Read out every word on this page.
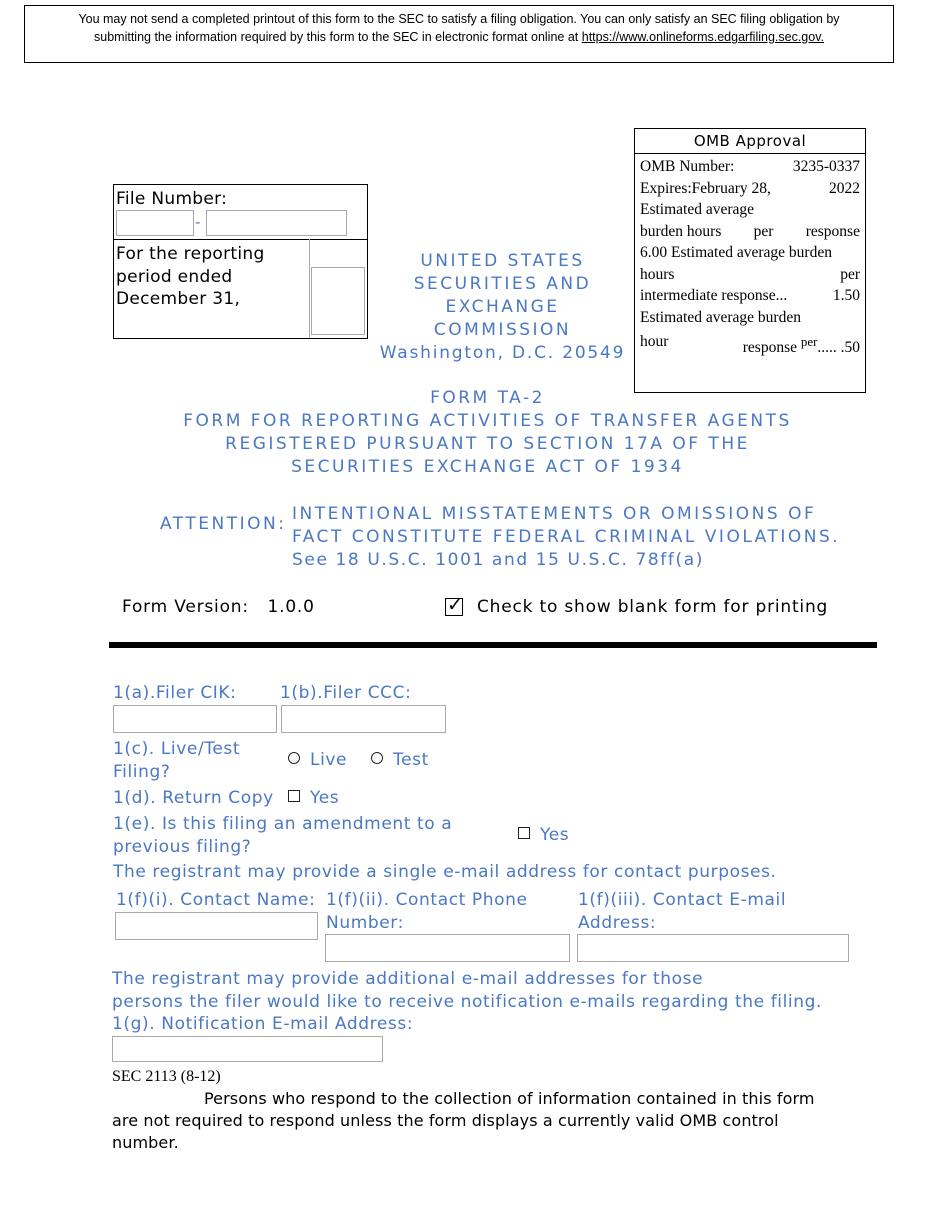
You may not send a completed printout of this form to the SEC to satisfy a filing obligation. You can only satisfy an SEC filing obligation by
submitting the information required by this form to the SEC in electronic format online at https://www.onlineforms.edgarfiling.sec.gov.
OMB Approval
OMB Number:	3235-0337
Expires:February 28,	2022
Estimated average
burden hours per response
6.00 Estimated average burden
hours	per
intermediate response...	1.50
Estimated average burden
hour	response $^{per}$..... .50
File Number:
-
For the reporting period ended December 31,
UNITED STATES
SECURITIES AND
EXCHANGE
COMMISSION
Washington, D.C. 20549
FORM TA-2
FORM FOR REPORTING ACTIVITIES OF TRANSFER AGENTS
REGISTERED PURSUANT TO SECTION 17A OF THE
SECURITIES EXCHANGE ACT OF 1934
ATTENTION: INTENTIONAL MISSTATEMENTS OR OMISSIONS OF
FACT CONSTITUTE FEDERAL CRIMINAL VIOLATIONS.
See 18 U.S.C. 1001 and 15 U.S.C. 78ff(a)
Form Version: 1.0.0	✓ Check to show blank form for printing
1(a).Filer CIK:	1(b).Filer CCC:
1(c). Live/Test Filing?
Live	Test
1(d). Return Copy	Yes
1(e). Is this filing an amendment to a previous filing?
Yes
The registrant may provide a single e-mail address for contact purposes.
1(f)(i). Contact Name: 1(f)(ii). Contact Phone Number:
1(f)(iii). Contact E-mail Address:
The registrant may provide additional e-mail addresses for those
persons the filer would like to receive notification e-mails regarding the filing.
1(g). Notification E-mail Address:
SEC 2113 (8-12)
Persons who respond to the collection of information contained in this form are not required to respond unless the form displays a currently valid OMB control number.
